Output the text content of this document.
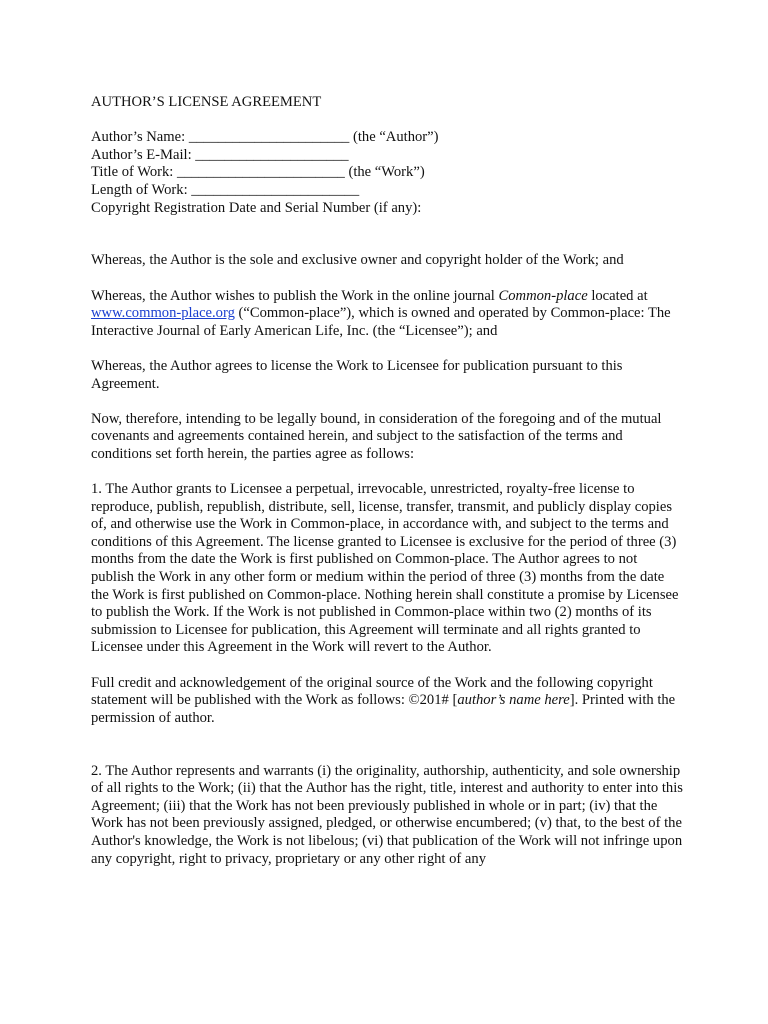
AUTHOR’S LICENSE AGREEMENT

Author’s Name: ______________________ (the “Author”)

Author’s E-Mail: _____________________

Title of Work: _______________________ (the “Work”)

Length of Work: _______________________

Copyright Registration Date and Serial Number (if any):

Whereas, the Author is the sole and exclusive owner and copyright holder of the Work; and

Whereas, the Author wishes to publish the Work in the online journal Common-place located at
www.common-place.org (“Common-place”), which is owned and operated by Common-place: The Interactive Journal of Early American Life, Inc. (the “Licensee”); and

Whereas, the Author agrees to license the Work to Licensee for publication pursuant to this Agreement.

Now, therefore, intending to be legally bound, in consideration of the foregoing and of the mutual covenants and agreements contained herein, and subject to the satisfaction of the terms and conditions set forth herein, the parties agree as follows:

1. The Author grants to Licensee a perpetual, irrevocable, unrestricted, royalty-free license to reproduce, publish, republish, distribute, sell, license, transfer, transmit, and publicly display copies of, and otherwise use the Work in Common-place, in accordance with, and subject to the terms and conditions of this Agreement. The license granted to Licensee is exclusive for the period of three (3) months from the date the Work is first published on Common-place. The Author agrees to not publish the Work in any other form or medium within the period of three (3) months from the date the Work is first published on Common-place. Nothing herein shall constitute a promise by Licensee to publish the Work. If the Work is not published in Common-place within two (2) months of its submission to Licensee for publication, this Agreement will terminate and all rights granted to Licensee under this Agreement in the Work will revert to the Author.

Full credit and acknowledgement of the original source of the Work and the following copyright statement will be published with the Work as follows: ©201# [author’s name here]. Printed with the permission of author.

2. The Author represents and warrants (i) the originality, authorship, authenticity, and sole ownership of all rights to the Work; (ii) that the Author has the right, title, interest and authority to enter into this Agreement; (iii) that the Work has not been previously published in whole or in part; (iv) that the Work has not been previously assigned, pledged, or otherwise encumbered; (v) that, to the best of the Author's knowledge, the Work is not libelous; (vi) that publication of the Work will not infringe upon any copyright, right to privacy, proprietary or any other right of any
